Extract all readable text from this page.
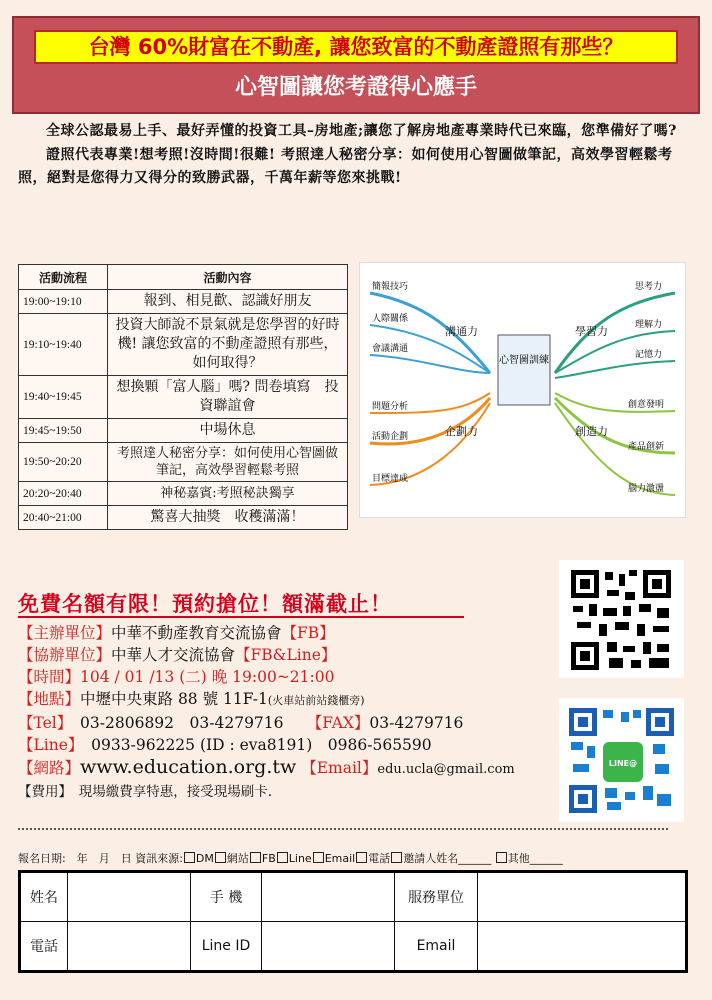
台灣 60%財富在不動產, 讓您致富的不動產證照有那些？
心智圖讓您考證得心應手

全球公認最易上手、最好弄懂的投資工具–房地產;讓您了解房地產專業時代已來臨，您準備好了嗎?

證照代表專業!想考照!沒時間!很難! 考照達人秘密分享：如何使用心智圖做筆記，高效學習輕鬆考照，絕對是您得力又得分的致勝武器，千萬年薪等您來挑戰!

活動流程	活動內容
19:00~19:10	報到、相見歡、認識好朋友
19:10~19:40	投資大師說不景氣就是您學習的好時機! 讓您致富的不動產證照有那些，如何取得？
19:40~19:45	想換顆「富人腦」嗎? 問卷填寫　投資聯誼會
19:45~19:50	中場休息
19:50~20:20	考照達人秘密分享：如何使用心智圖做筆記，高效學習輕鬆考照
20:20~20:40	神秘嘉賓:考照秘訣獨享
20:40~21:00	驚喜大抽獎　收穫滿滿！
心智圖訓練
溝通力	學習力
企劃力	創造力
簡報技巧
人際關係
會議溝通
問題分析
活動企劃
目標達成
思考力
理解力
記憶力
創意發明
產品創新
腦力激盪
免費名額有限！預約搶位！額滿截止！
【主辦單位】中華不動產教育交流協會【FB】
【協辦單位】中華人才交流協會【FB&Line】
【時間】104 / 01 /13 (二) 晚 19:00~21:00
【地點】中壢中央東路 88 號 11F-1(火車站前站錢櫃旁)
【Tel】　 03-2806892　03-4279716　　 【FAX】03-4279716
【Line】　 0933-962225 (ID : eva8191)　0986-565590
【網路】www.education.org.tw 【Email】edu.ucla@gmail.com
【費用】　 現場繳費享特惠，接受現場刷卡.
LINE@
報名日期:　年　月　日 資訊來源: DM 網站 FB Line Email 電話 邀請人姓名______ 其他______
姓名		手 機		服務單位	
電話		Line ID		Email	
